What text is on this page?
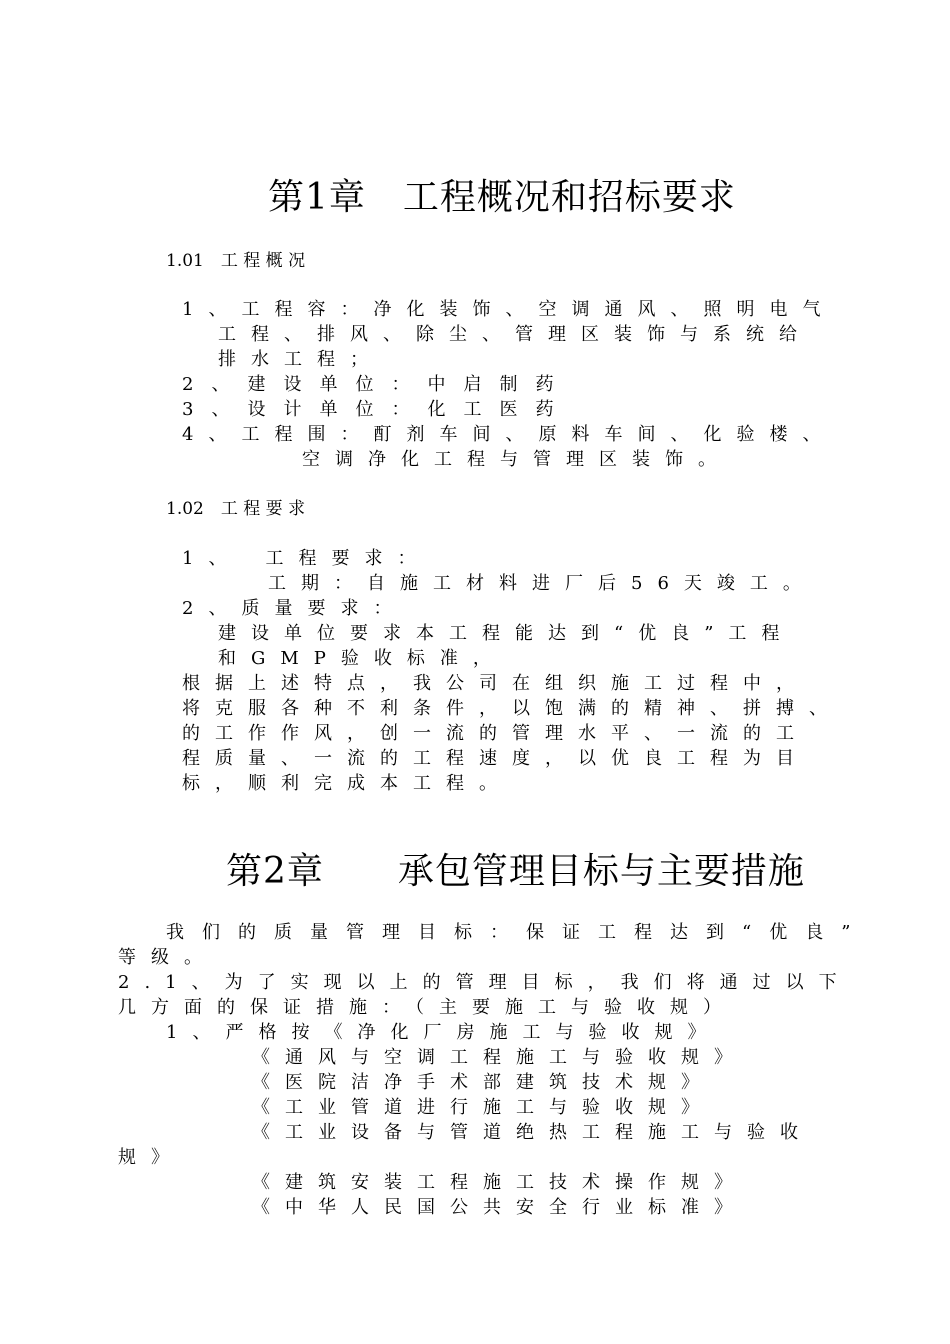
第1章　工程概况和招标要求
1.01　工 程 概 况
1、工程容：净化装饰、空调通风、照明电气
工程、排风、除尘、管理区装饰与系统给
排水工程；
2、建设单位：中启制药
3、设计单位：化工医药
4、工程围：酊剂车间、原料车间、化验楼、
空调净化工程与管理区装饰。
1.02　工 程 要 求
1、　工程要求：
工期：自施工材料进厂后56天竣工。
2、质量要求：
建设单位要求本工程能达到“优良”工程
和GMP验收标准，
根据上述特点，我公司在组织施工过程中，
将克服各种不利条件，以饱满的精神、拼搏、
的工作作风，创一流的管理水平、一流的工
程质量、一流的工程速度，以优良工程为目
标，顺利完成本工程。
第2章　　承包管理目标与主要措施
我们的质量管理目标：保证工程达到“优良”
等级。
2.1、为了实现以上的管理目标，我们将通过以下
几方面的保证措施：（主要施工与验收规）
1、严格按《净化厂房施工与验收规》
《通风与空调工程施工与验收规》
《医院洁净手术部建筑技术规》
《工业管道进行施工与验收规》
《工业设备与管道绝热工程施工与验收
规》
《建筑安装工程施工技术操作规》
《中华人民国公共安全行业标准》
